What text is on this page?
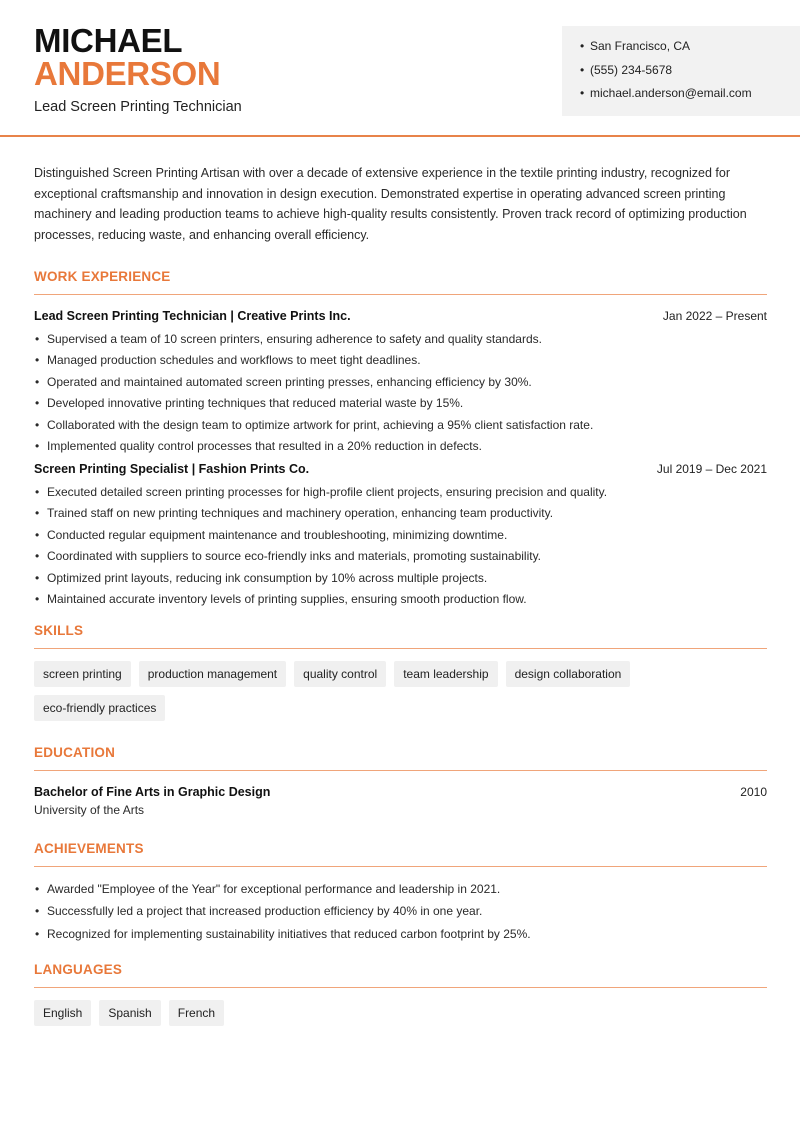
MICHAEL
ANDERSON
Lead Screen Printing Technician
• San Francisco, CA
• (555) 234-5678
• michael.anderson@email.com

Distinguished Screen Printing Artisan with over a decade of extensive experience in the textile printing industry, recognized for exceptional craftsmanship and innovation in design execution. Demonstrated expertise in operating advanced screen printing machinery and leading production teams to achieve high-quality results consistently. Proven track record of optimizing production processes, reducing waste, and enhancing overall efficiency.

WORK EXPERIENCE
Lead Screen Printing Technician | Creative Prints Inc.	Jan 2022 – Present
• Supervised a team of 10 screen printers, ensuring adherence to safety and quality standards.
• Managed production schedules and workflows to meet tight deadlines.
• Operated and maintained automated screen printing presses, enhancing efficiency by 30%.
• Developed innovative printing techniques that reduced material waste by 15%.
• Collaborated with the design team to optimize artwork for print, achieving a 95% client satisfaction rate.
• Implemented quality control processes that resulted in a 20% reduction in defects.
Screen Printing Specialist | Fashion Prints Co.	Jul 2019 – Dec 2021
• Executed detailed screen printing processes for high-profile client projects, ensuring precision and quality.
• Trained staff on new printing techniques and machinery operation, enhancing team productivity.
• Conducted regular equipment maintenance and troubleshooting, minimizing downtime.
• Coordinated with suppliers to source eco-friendly inks and materials, promoting sustainability.
• Optimized print layouts, reducing ink consumption by 10% across multiple projects.
• Maintained accurate inventory levels of printing supplies, ensuring smooth production flow.
SKILLS
screen printing	production management	quality control	team leadership	design collaboration
eco-friendly practices
EDUCATION
Bachelor of Fine Arts in Graphic Design	2010
University of the Arts
ACHIEVEMENTS
• Awarded "Employee of the Year" for exceptional performance and leadership in 2021.
• Successfully led a project that increased production efficiency by 40% in one year.
• Recognized for implementing sustainability initiatives that reduced carbon footprint by 25%.
LANGUAGES
English	Spanish	French
